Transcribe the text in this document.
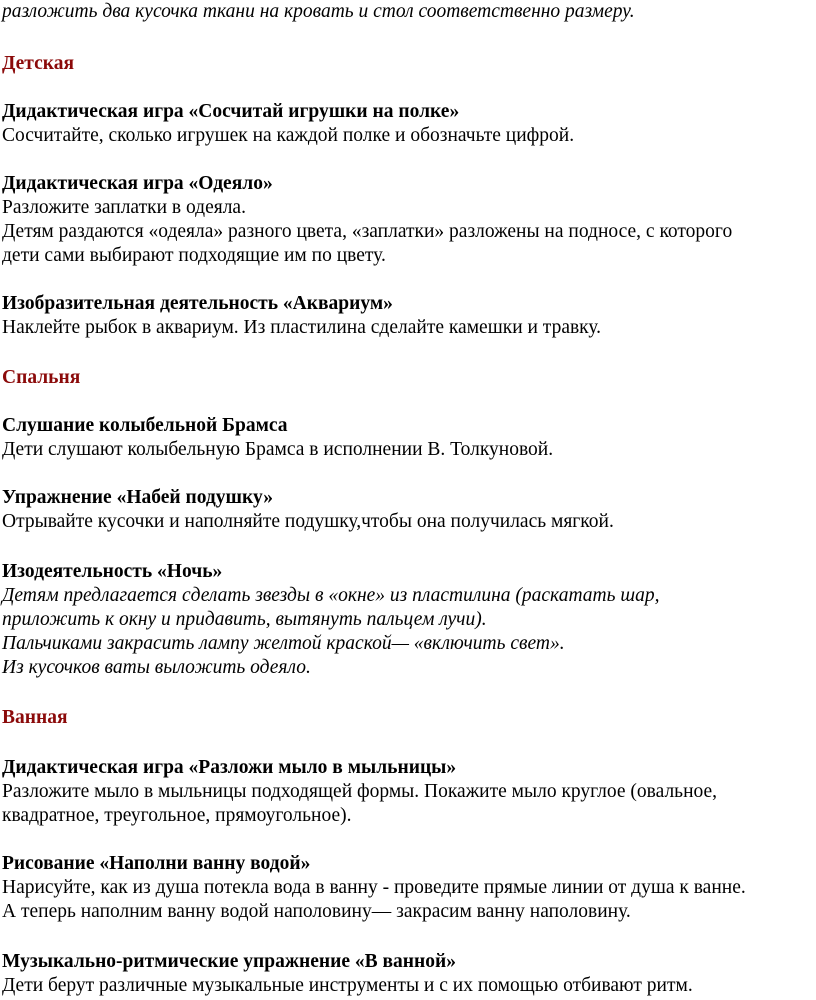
разложить два кусочка ткани на кровать и стол соответственно размеру.
Детская
Дидактическая игра «Сосчитай игрушки на полке»
Сосчитайте, сколько игрушек на каждой полке и обозначьте цифрой.
Дидактическая игра «Одеяло»
Разложите заплатки в одеяла.
Детям раздаются «одеяла» разного цвета, «заплатки» разложены на подносе, с которого
дети сами выбирают подходящие им по цвету.
Изобразительная деятельность «Аквариум»
Наклейте рыбок в аквариум. Из пластилина сделайте камешки и травку.
Спальня
Слушание колыбельной Брамса
Дети слушают колыбельную Брамса в исполнении В. Толкуновой.
Упражнение «Набей подушку»
Отрывайте кусочки и наполняйте подушку,чтобы она получилась мягкой.
Изодеятельность «Ночь»
Детям предлагается сделать звезды в «окне» из пластилина (раскатать шар,
приложить к окну и придавить, вытянуть пальцем лучи).
Пальчиками закрасить лампу желтой краской— «включить свет».
Из кусочков ваты выложить одеяло.
Ванная
Дидактическая игра «Разложи мыло в мыльницы»
Разложите мыло в мыльницы подходящей формы. Покажите мыло круглое (овальное,
квадратное, треугольное, прямоугольное).
Рисование «Наполни ванну водой»
Нарисуйте, как из душа потекла вода в ванну - проведите прямые линии от душа к ванне.
А теперь наполним ванну водой наполовину— закрасим ванну наполовину.
Музыкально-ритмические упражнение «В ванной»
Дети берут различные музыкальные инструменты и с их помощью отбивают ритм.
